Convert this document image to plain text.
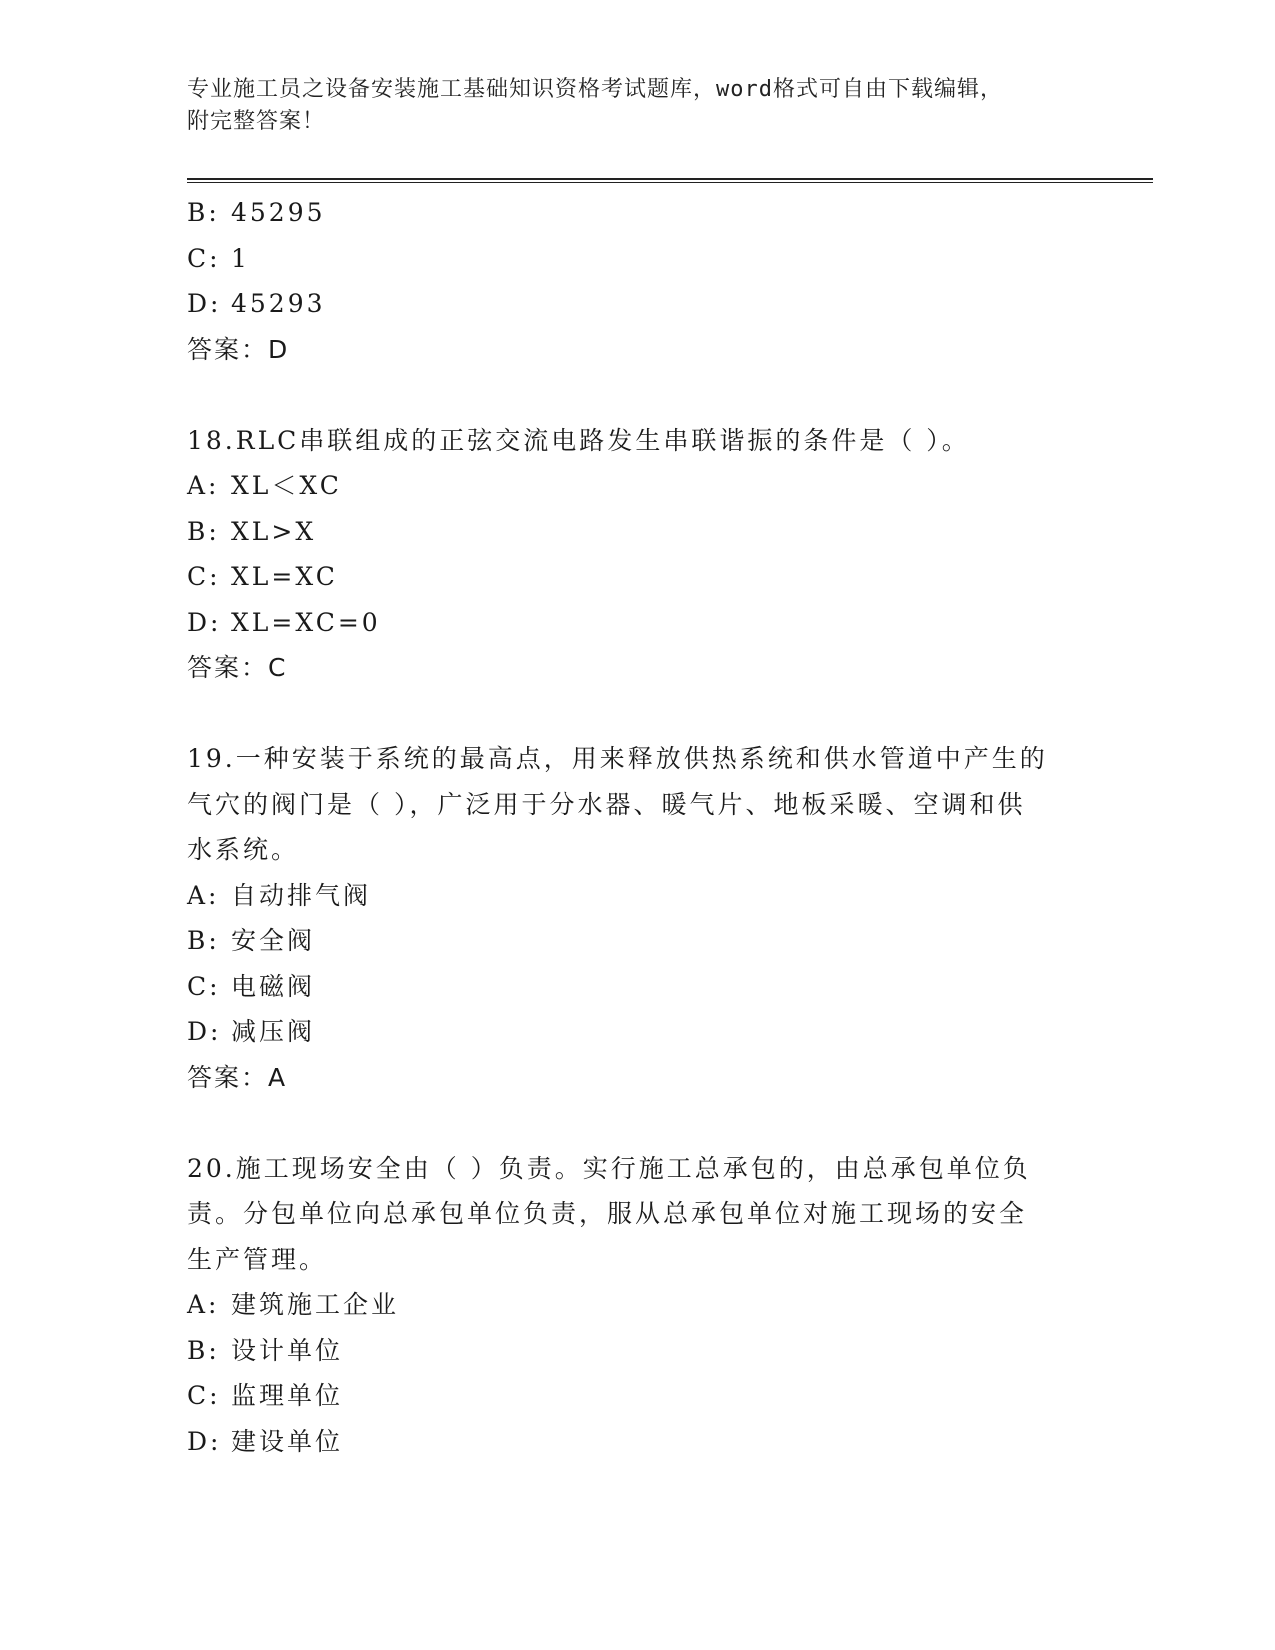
专业施工员之设备安装施工基础知识资格考试题库，word格式可自由下载编辑，
附完整答案！
B: 45295
C: 1
D: 45293
答案：D
18.RLC串联组成的正弦交流电路发生串联谐振的条件是（ ）。
A: XL＜XC
B: XL>X
C: XL=XC
D: XL=XC=0
答案：C
19.一种安装于系统的最高点，用来释放供热系统和供水管道中产生的
气穴的阀门是（ ），广泛用于分水器、暖气片、地板采暖、空调和供
水系统。
A: 自动排气阀
B: 安全阀
C: 电磁阀
D: 减压阀
答案：A
20.施工现场安全由（ ）负责。实行施工总承包的，由总承包单位负
责。分包单位向总承包单位负责，服从总承包单位对施工现场的安全
生产管理。
A: 建筑施工企业
B: 设计单位
C: 监理单位
D: 建设单位
